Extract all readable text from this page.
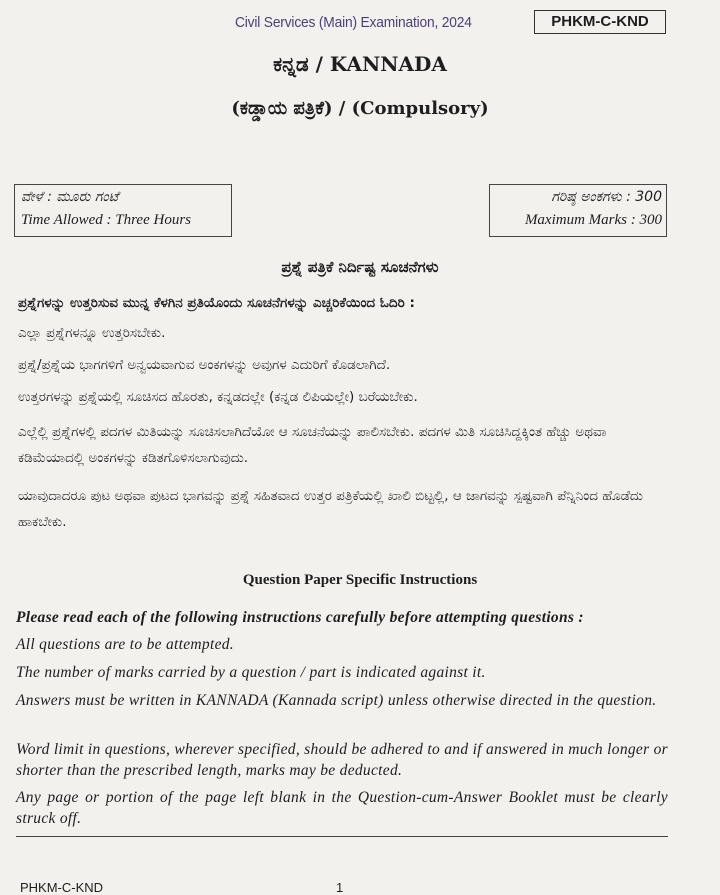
Civil Services (Main) Examination, 2024	PHKM-C-KND
ಕನ್ನಡ / KANNADA
(ಕಡ್ಡಾಯ ಪತ್ರಿಕೆ) / (Compulsory)
ವೇಳೆ : ಮೂರು ಗಂಟೆ
Time Allowed : Three Hours
ಗರಿಷ್ಠ ಅಂಕಗಳು : 300
Maximum Marks : 300
ಪ್ರಶ್ನೆ ಪತ್ರಿಕೆ ನಿರ್ದಿಷ್ಟ ಸೂಚನೆಗಳು
ಪ್ರಶ್ನೆಗಳನ್ನು ಉತ್ತರಿಸುವ ಮುನ್ನ ಕೆಳಗಿನ ಪ್ರತಿಯೊಂದು ಸೂಚನೆಗಳನ್ನು ಎಚ್ಚರಿಕೆಯಿಂದ ಓದಿರಿ :
ಎಲ್ಲಾ ಪ್ರಶ್ನೆಗಳನ್ನೂ ಉತ್ತರಿಸಬೇಕು.
ಪ್ರಶ್ನೆ/ಪ್ರಶ್ನೆಯ ಭಾಗಗಳಿಗೆ ಅನ್ವಯವಾಗುವ ಅಂಕಗಳನ್ನು ಅವುಗಳ ಎದುರಿಗೆ ಕೊಡಲಾಗಿದೆ.
ಉತ್ತರಗಳನ್ನು ಪ್ರಶ್ನೆಯಲ್ಲಿ ಸೂಚಿಸದ ಹೊರತು, ಕನ್ನಡದಲ್ಲೇ (ಕನ್ನಡ ಲಿಪಿಯಲ್ಲೇ) ಬರೆಯಬೇಕು.
ಎಲ್ಲೆಲ್ಲಿ ಪ್ರಶ್ನೆಗಳಲ್ಲಿ ಪದಗಳ ಮಿತಿಯನ್ನು ಸೂಚಿಸಲಾಗಿದೆಯೋ ಆ ಸೂಚನೆಯನ್ನು ಪಾಲಿಸಬೇಕು. ಪದಗಳ ಮಿತಿ ಸೂಚಿಸಿದ್ದಕ್ಕಿಂತ ಹೆಚ್ಚು ಅಥವಾ ಕಡಿಮೆಯಾದಲ್ಲಿ ಅಂಕಗಳನ್ನು ಕಡಿತಗೊಳಿಸಲಾಗುವುದು.
ಯಾವುದಾದರೂ ಪುಟ ಅಥವಾ ಪುಟದ ಭಾಗವನ್ನು ಪ್ರಶ್ನೆ ಸಹಿತವಾದ ಉತ್ತರ ಪತ್ರಿಕೆಯಲ್ಲಿ ಖಾಲಿ ಬಿಟ್ಟಲ್ಲಿ, ಆ ಜಾಗವನ್ನು ಸ್ಪಷ್ಟವಾಗಿ ಪೆನ್ನಿನಿಂದ ಹೊಡೆದು ಹಾಕಬೇಕು.
Question Paper Specific Instructions
Please read each of the following instructions carefully before attempting questions :
All questions are to be attempted.
The number of marks carried by a question / part is indicated against it.
Answers must be written in KANNADA (Kannada script) unless otherwise directed in the question.
Word limit in questions, wherever specified, should be adhered to and if answered in much longer or shorter than the prescribed length, marks may be deducted.
Any page or portion of the page left blank in the Question-cum-Answer Booklet must be clearly struck off.
PHKM-C-KND	1
